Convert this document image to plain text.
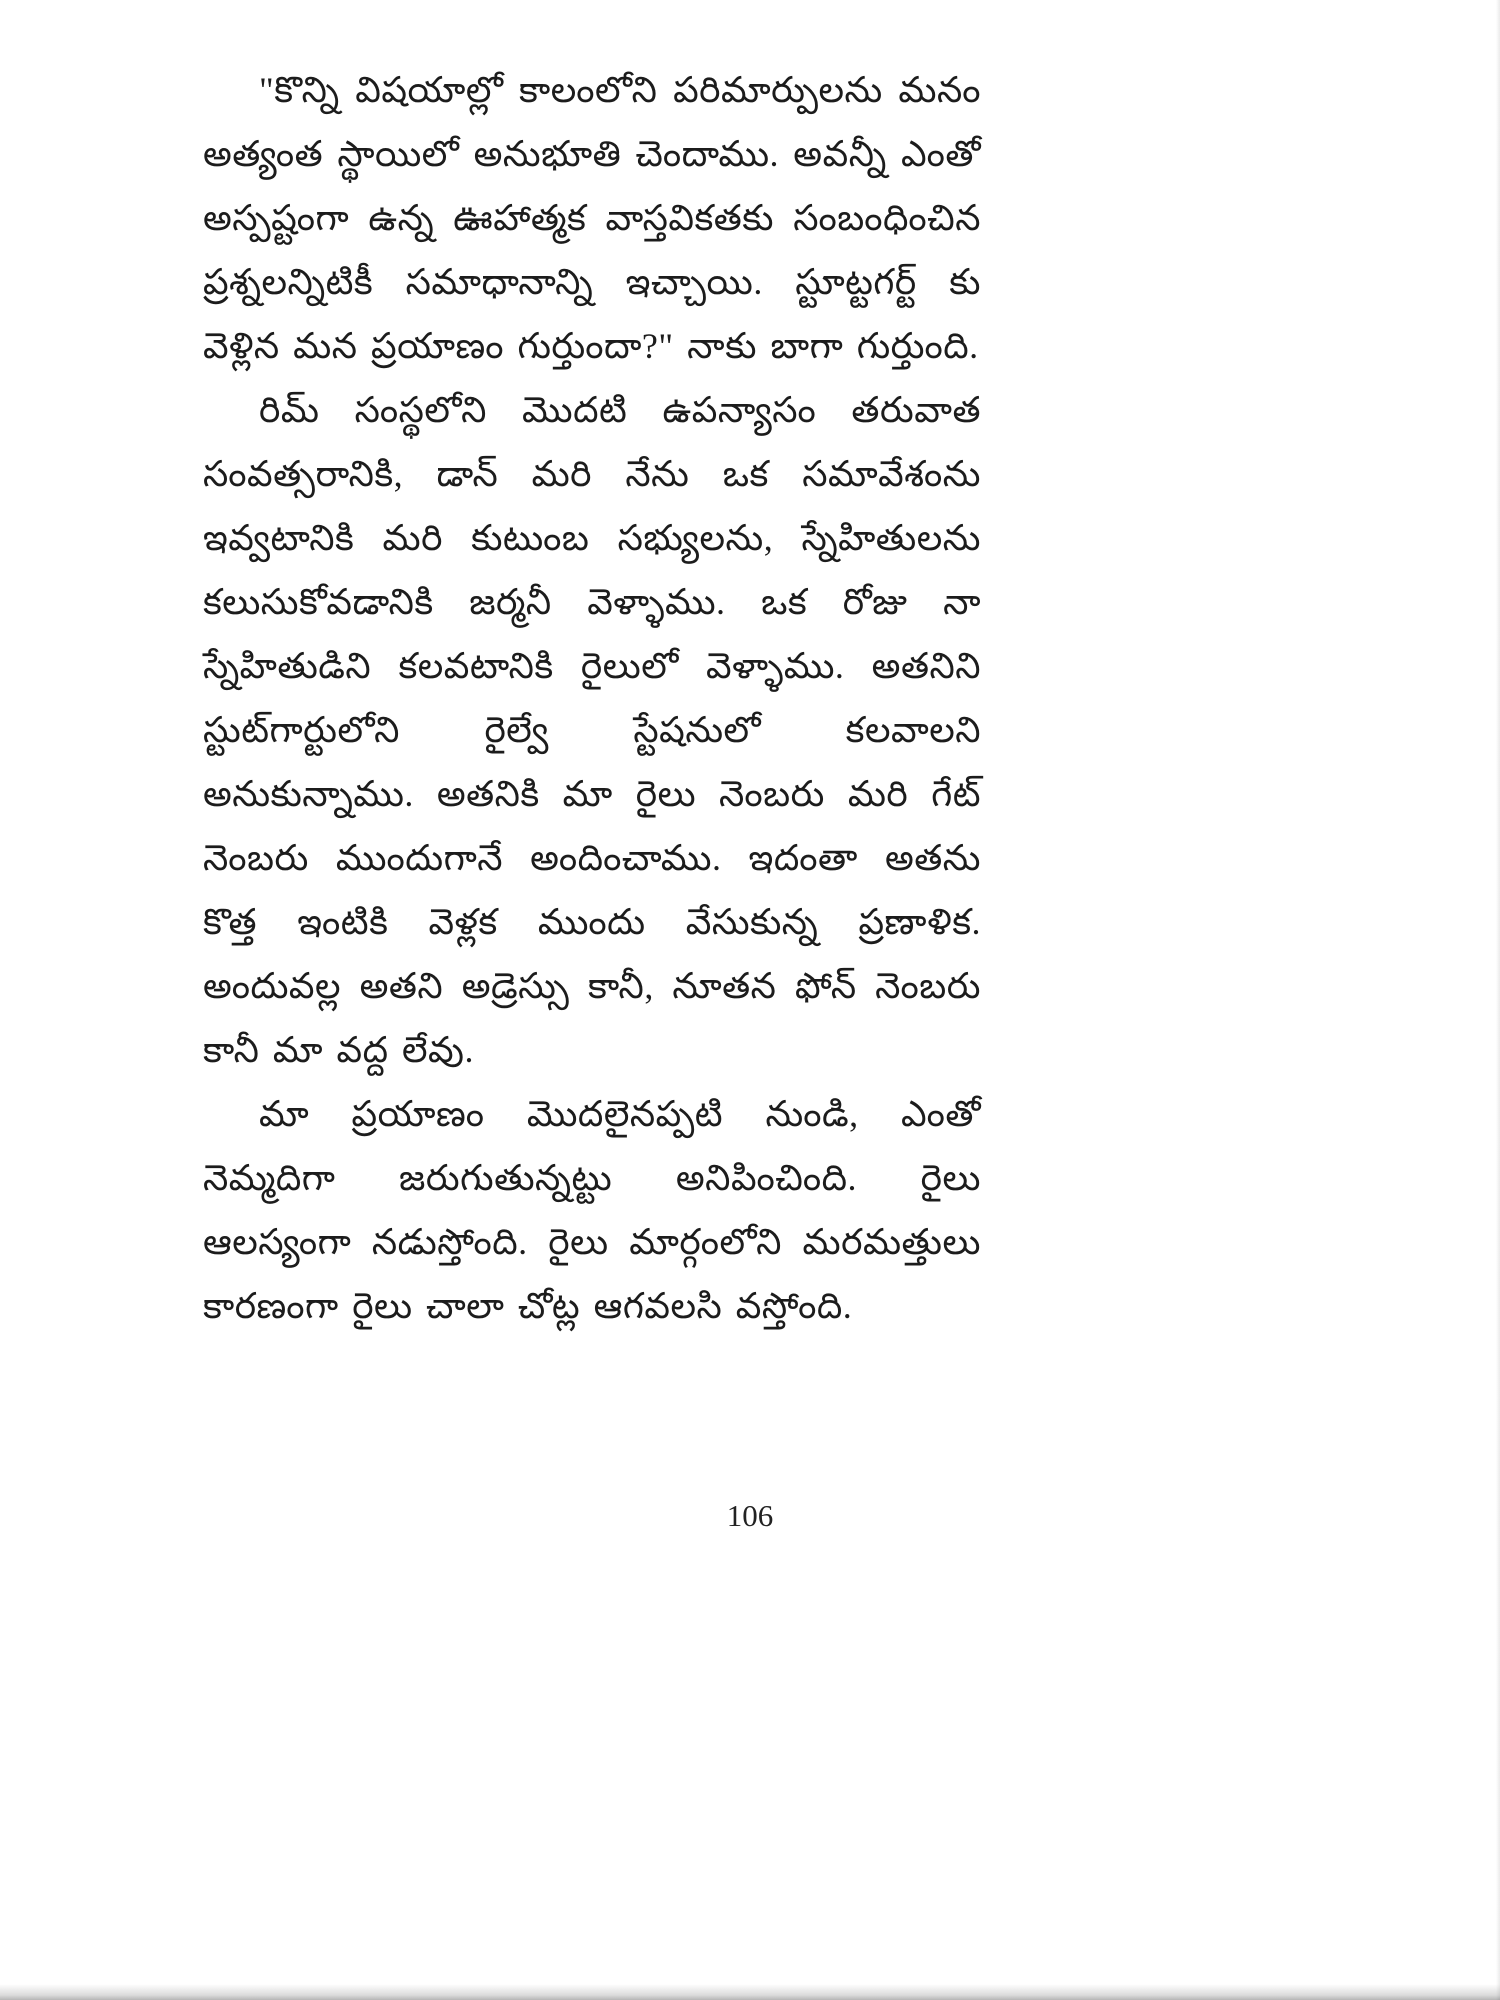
"కొన్ని విషయాల్లో కాలంలోని పరిమార్పులను మనం అత్యంత స్థాయిలో అనుభూతి చెందాము. అవన్నీ ఎంతో అస్పష్టంగా ఉన్న ఊహాత్మక వాస్తవికతకు సంబంధించిన ప్రశ్నలన్నిటికీ సమాధానాన్ని ఇచ్చాయి. స్టూట్టగర్ట్ కు వెళ్లిన మన ప్రయాణం గుర్తుందా?" నాకు బాగా గుర్తుంది.

రిమ్ సంస్థలోని మొదటి ఉపన్యాసం తరువాత సంవత్సరానికి, డాన్ మరి నేను ఒక సమావేశంను ఇవ్వటానికి మరి కుటుంబ సభ్యులను, స్నేహితులను కలుసుకోవడానికి జర్మనీ వెళ్ళాము. ఒక రోజు నా స్నేహితుడిని కలవటానికి రైలులో వెళ్ళాము. అతనిని స్టుట్‌గార్టులోని రైల్వే స్టేషనులో కలవాలని అనుకున్నాము. అతనికి మా రైలు నెంబరు మరి గేట్ నెంబరు ముందుగానే అందించాము. ఇదంతా అతను కొత్త ఇంటికి వెళ్లక ముందు వేసుకున్న ప్రణాళిక. అందువల్ల అతని అడ్రెస్సు కానీ, నూతన ఫోన్ నెంబరు కానీ మా వద్ద లేవు.

మా ప్రయాణం మొదలైనప్పటి నుండి, ఎంతో నెమ్మదిగా జరుగుతున్నట్టు అనిపించింది. రైలు ఆలస్యంగా నడుస్తోంది. రైలు మార్గంలోని మరమత్తులు కారణంగా రైలు చాలా చోట్ల ఆగవలసి వస్తోంది.

106
